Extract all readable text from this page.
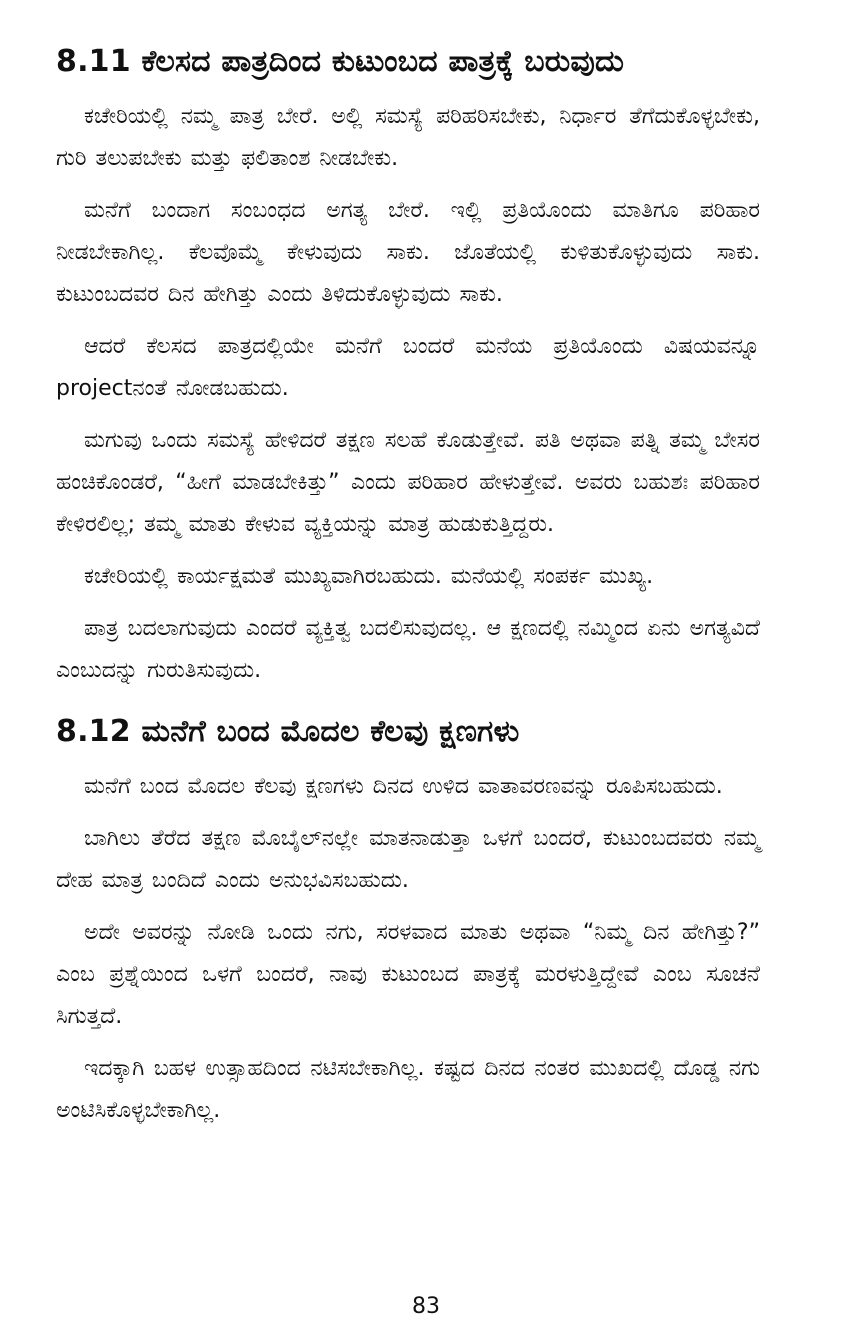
8.11 ಕೆಲಸದ ಪಾತ್ರದಿಂದ ಕುಟುಂಬದ ಪಾತ್ರಕ್ಕೆ ಬರುವುದು

ಕಚೇರಿಯಲ್ಲಿ ನಮ್ಮ ಪಾತ್ರ ಬೇರೆ. ಅಲ್ಲಿ ಸಮಸ್ಯೆ ಪರಿಹರಿಸಬೇಕು, ನಿರ್ಧಾರ ತೆಗೆದುಕೊಳ್ಳಬೇಕು, ಗುರಿ ತಲುಪಬೇಕು ಮತ್ತು ಫಲಿತಾಂಶ ನೀಡಬೇಕು.

ಮನೆಗೆ ಬಂದಾಗ ಸಂಬಂಧದ ಅಗತ್ಯ ಬೇರೆ. ಇಲ್ಲಿ ಪ್ರತಿಯೊಂದು ಮಾತಿಗೂ ಪರಿಹಾರ ನೀಡಬೇಕಾಗಿಲ್ಲ. ಕೆಲವೊಮ್ಮೆ ಕೇಳುವುದು ಸಾಕು. ಜೊತೆಯಲ್ಲಿ ಕುಳಿತುಕೊಳ್ಳುವುದು ಸಾಕು. ಕುಟುಂಬದವರ ದಿನ ಹೇಗಿತ್ತು ಎಂದು ತಿಳಿದುಕೊಳ್ಳುವುದು ಸಾಕು.

ಆದರೆ ಕೆಲಸದ ಪಾತ್ರದಲ್ಲಿಯೇ ಮನೆಗೆ ಬಂದರೆ ಮನೆಯ ಪ್ರತಿಯೊಂದು ವಿಷಯವನ್ನೂ projectನಂತೆ ನೋಡಬಹುದು.

ಮಗುವು ಒಂದು ಸಮಸ್ಯೆ ಹೇಳಿದರೆ ತಕ್ಷಣ ಸಲಹೆ ಕೊಡುತ್ತೇವೆ. ಪತಿ ಅಥವಾ ಪತ್ನಿ ತಮ್ಮ ಬೇಸರ ಹಂಚಿಕೊಂಡರೆ, “ಹೀಗೆ ಮಾಡಬೇಕಿತ್ತು” ಎಂದು ಪರಿಹಾರ ಹೇಳುತ್ತೇವೆ. ಅವರು ಬಹುಶಃ ಪರಿಹಾರ ಕೇಳಿರಲಿಲ್ಲ; ತಮ್ಮ ಮಾತು ಕೇಳುವ ವ್ಯಕ್ತಿಯನ್ನು ಮಾತ್ರ ಹುಡುಕುತ್ತಿದ್ದರು.

ಕಚೇರಿಯಲ್ಲಿ ಕಾರ್ಯಕ್ಷಮತೆ ಮುಖ್ಯವಾಗಿರಬಹುದು. ಮನೆಯಲ್ಲಿ ಸಂಪರ್ಕ ಮುಖ್ಯ.

ಪಾತ್ರ ಬದಲಾಗುವುದು ಎಂದರೆ ವ್ಯಕ್ತಿತ್ವ ಬದಲಿಸುವುದಲ್ಲ. ಆ ಕ್ಷಣದಲ್ಲಿ ನಮ್ಮಿಂದ ಏನು ಅಗತ್ಯವಿದೆ ಎಂಬುದನ್ನು ಗುರುತಿಸುವುದು.

8.12 ಮನೆಗೆ ಬಂದ ಮೊದಲ ಕೆಲವು ಕ್ಷಣಗಳು

ಮನೆಗೆ ಬಂದ ಮೊದಲ ಕೆಲವು ಕ್ಷಣಗಳು ದಿನದ ಉಳಿದ ವಾತಾವರಣವನ್ನು ರೂಪಿಸಬಹುದು.

ಬಾಗಿಲು ತೆರೆದ ತಕ್ಷಣ ಮೊಬೈಲ್‌ನಲ್ಲೇ ಮಾತನಾಡುತ್ತಾ ಒಳಗೆ ಬಂದರೆ, ಕುಟುಂಬದವರು ನಮ್ಮ ದೇಹ ಮಾತ್ರ ಬಂದಿದೆ ಎಂದು ಅನುಭವಿಸಬಹುದು.

ಅದೇ ಅವರನ್ನು ನೋಡಿ ಒಂದು ನಗು, ಸರಳವಾದ ಮಾತು ಅಥವಾ “ನಿಮ್ಮ ದಿನ ಹೇಗಿತ್ತು?” ಎಂಬ ಪ್ರಶ್ನೆಯಿಂದ ಒಳಗೆ ಬಂದರೆ, ನಾವು ಕುಟುಂಬದ ಪಾತ್ರಕ್ಕೆ ಮರಳುತ್ತಿದ್ದೇವೆ ಎಂಬ ಸೂಚನೆ ಸಿಗುತ್ತದೆ.

ಇದಕ್ಕಾಗಿ ಬಹಳ ಉತ್ಸಾಹದಿಂದ ನಟಿಸಬೇಕಾಗಿಲ್ಲ. ಕಷ್ಟದ ದಿನದ ನಂತರ ಮುಖದಲ್ಲಿ ದೊಡ್ಡ ನಗು ಅಂಟಿಸಿಕೊಳ್ಳಬೇಕಾಗಿಲ್ಲ.

83
